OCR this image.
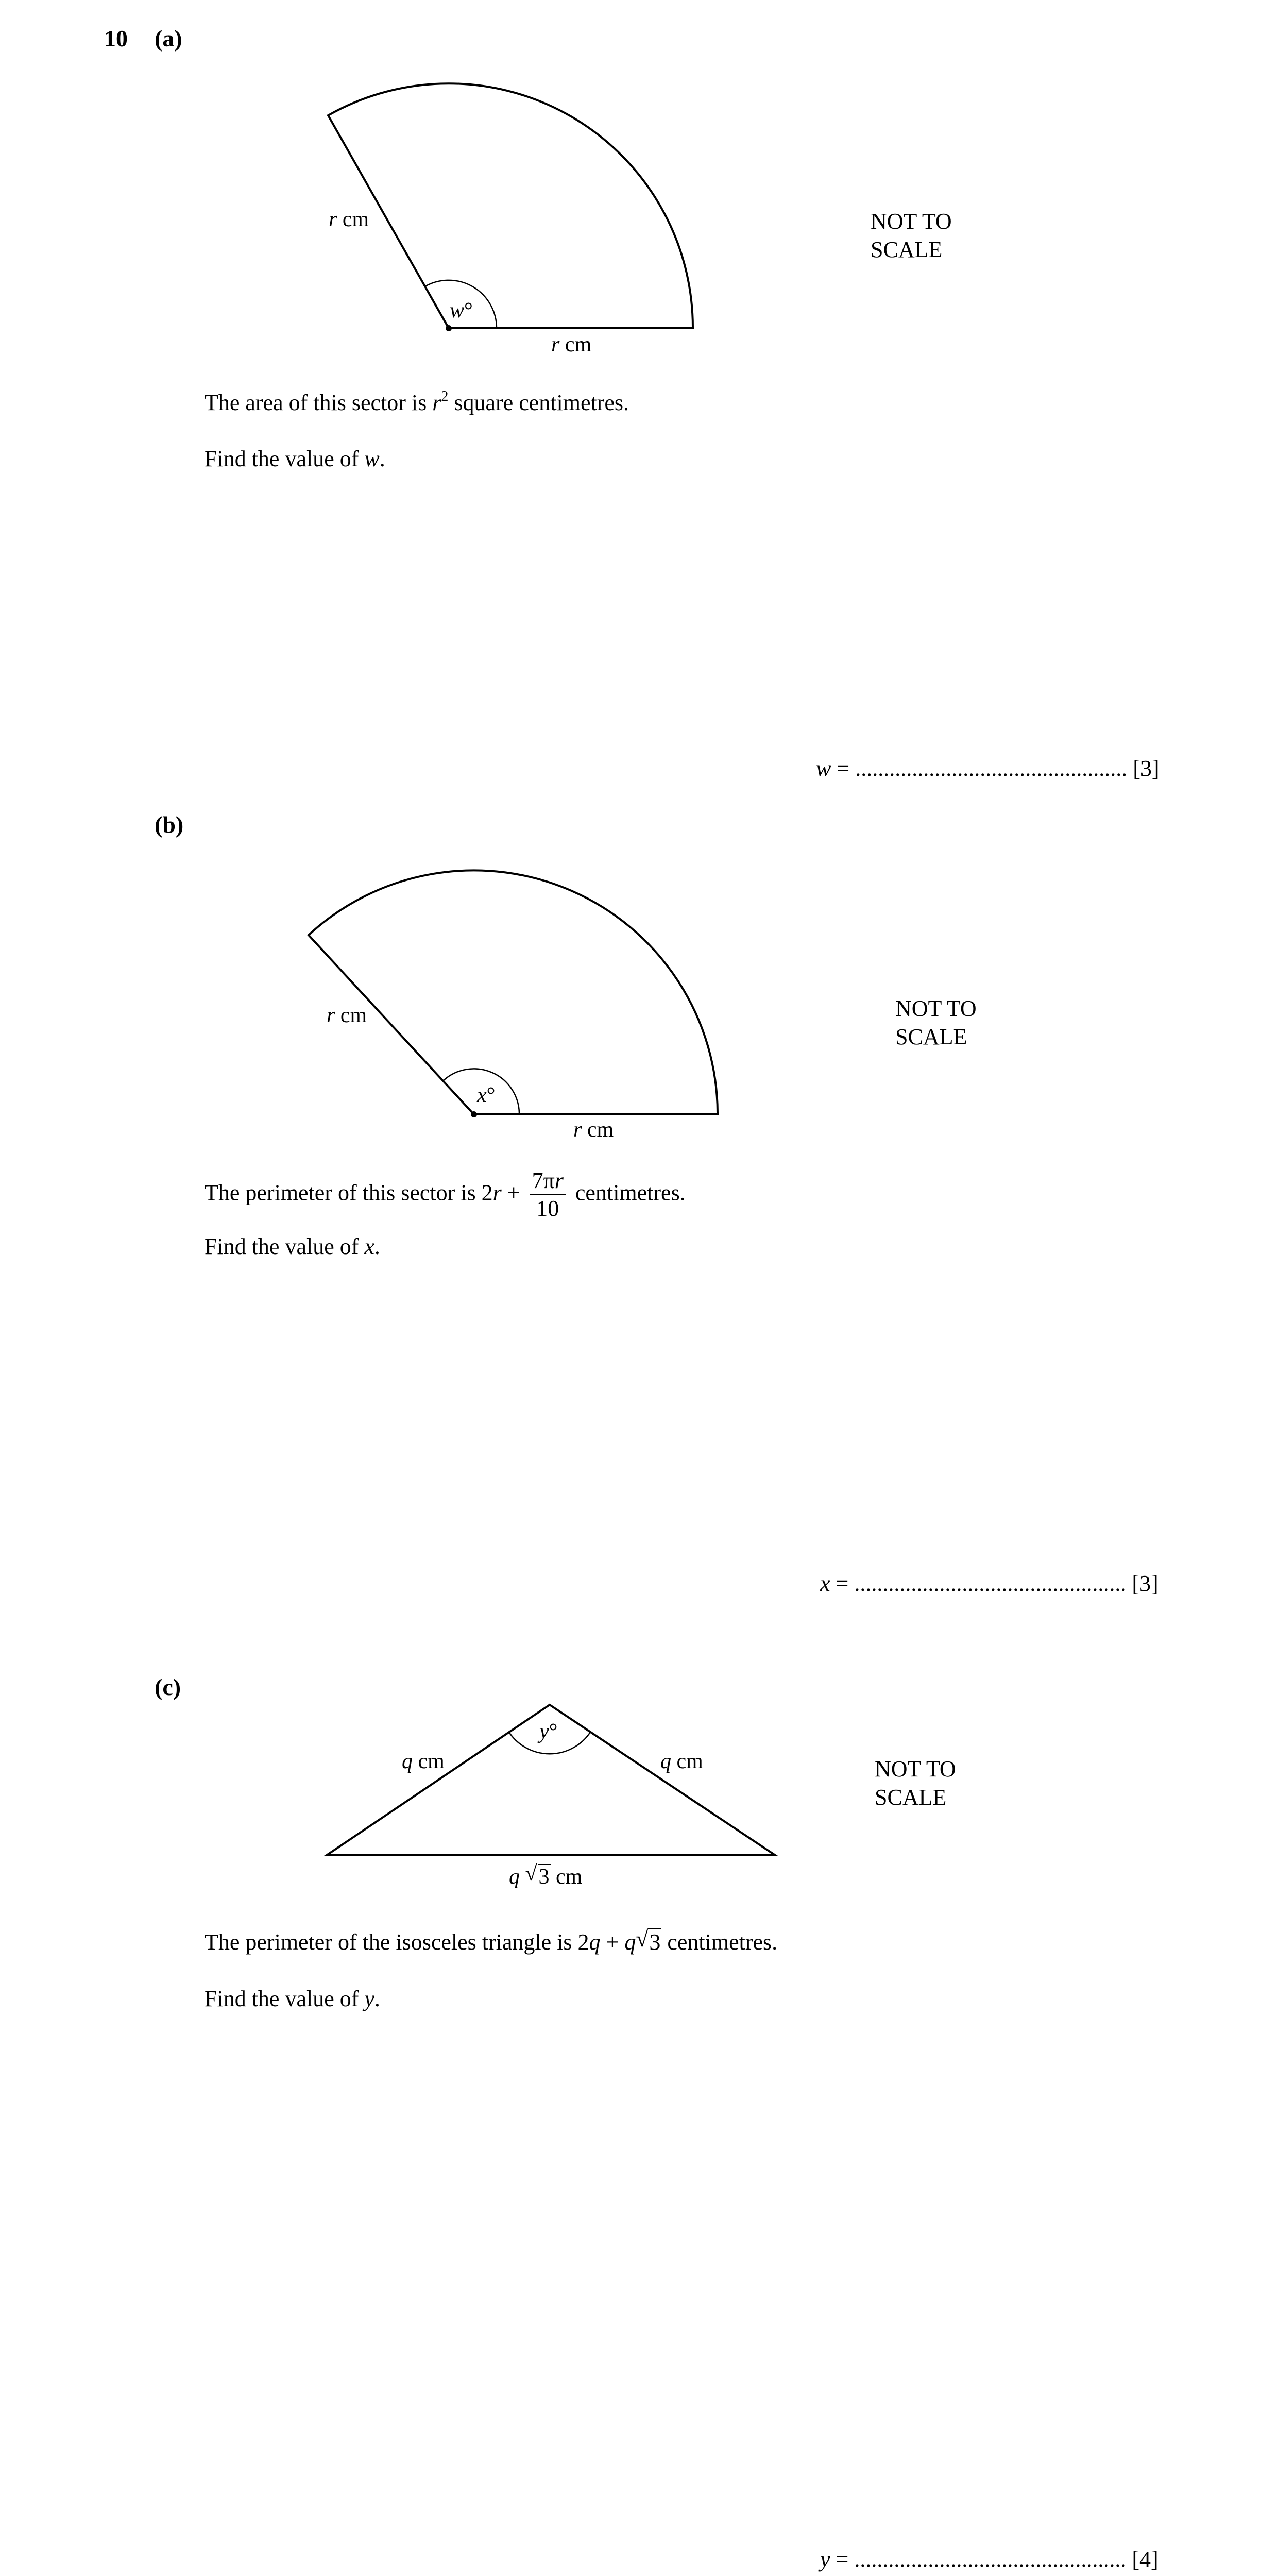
10 (a)
r cm
r cm
w°
NOT TO SCALE
The area of this sector is $r^2$ square centimetres.
Find the value of w.
w = ................................................ [3]
(b)
r cm
r cm
x°
NOT TO SCALE
The perimeter of this sector is $2r + \frac{7\pi r}{10}$ centimetres.
Find the value of x.
x = ................................................ [3]
(c)
q cm	q cm
y°
q √ 3 cm
NOT TO SCALE
The perimeter of the isosceles triangle is 2q + q √ 3 centimetres.
Find the value of y.
y = ................................................ [4]
